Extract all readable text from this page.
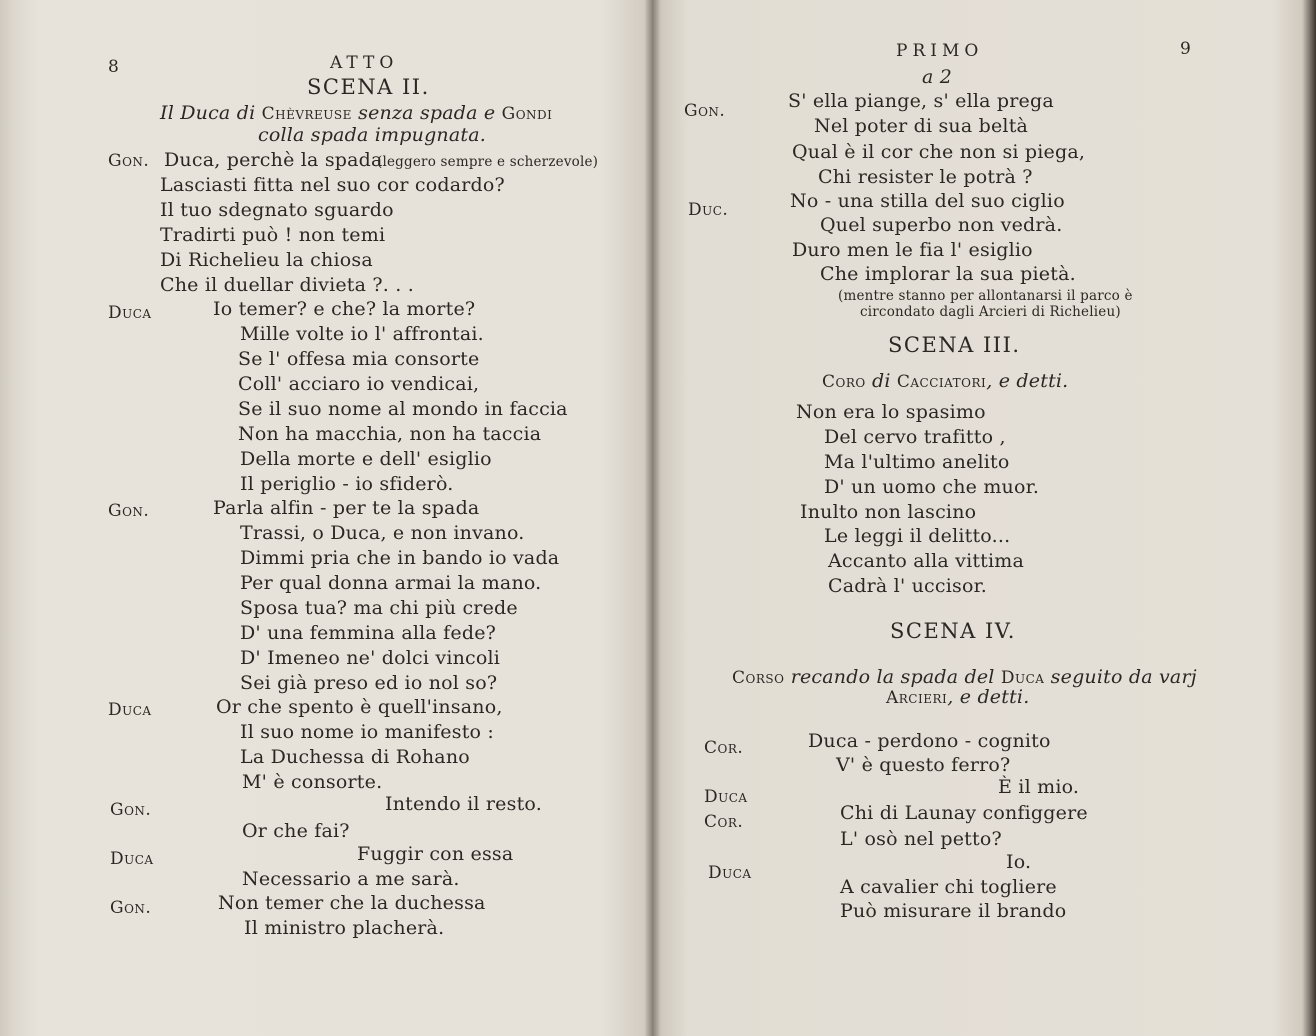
8	ATTO
SCENA II.
Il Duca di Chèvreuse senza spada e Gondi
colla spada impugnata.
Gon. Duca, perchè la spada
(leggero sempre e scherzevole)
Lasciasti fitta nel suo cor codardo?
Il tuo sdegnato sguardo
Tradirti può ! non temi
Di Richelieu la chiosa
Che il duellar divieta ?. . .
Duca	Io temer? e che? la morte?
Mille volte io l' affrontai.
Se l' offesa mia consorte
Coll' acciaro io vendicai,
Se il suo nome al mondo in faccia
Non ha macchia, non ha taccia
Della morte e dell' esiglio
Il periglio - io sfiderò.
Gon.	Parla alfin - per te la spada
Trassi, o Duca, e non invano.
Dimmi pria che in bando io vada
Per qual donna armai la mano.
Sposa tua? ma chi più crede
D' una femmina alla fede?
D' Imeneo ne' dolci vincoli
Sei già preso ed io nol so?
Duca	Or che spento è quell'insano,
Il suo nome io manifesto :
La Duchessa di Rohano
M' è consorte.
Gon.	Intendo il resto.
Or che fai?
Duca	Fuggir con essa
Necessario a me sarà.
Gon.	Non temer che la duchessa
Il ministro placherà.
PRIMO	9
a 2
Gon.	S' ella piange, s' ella prega
Nel poter di sua beltà
Qual è il cor che non si piega,
Chi resister le potrà ?
Duc.	No - una stilla del suo ciglio
Quel superbo non vedrà.
Duro men le fia l' esiglio
Che implorar la sua pietà.
(mentre stanno per allontanarsi il parco è
circondato dagli Arcieri di Richelieu)
SCENA III.
Coro di Cacciatori, e detti.
Non era lo spasimo
Del cervo trafitto ,
Ma l'ultimo anelito
D' un uomo che muor.
Inulto non lascino
Le leggi il delitto...
Accanto alla vittima
Cadrà l' uccisor.
SCENA IV.
Corso recando la spada del Duca seguito da varj
Arcieri, e detti.
Cor.	Duca - perdono - cognito
V' è questo ferro?
Duca	È il mio.
Cor.	Chi di Launay configgere
L' osò nel petto?
Duca	Io.
A cavalier chi togliere
Può misurare il brando
